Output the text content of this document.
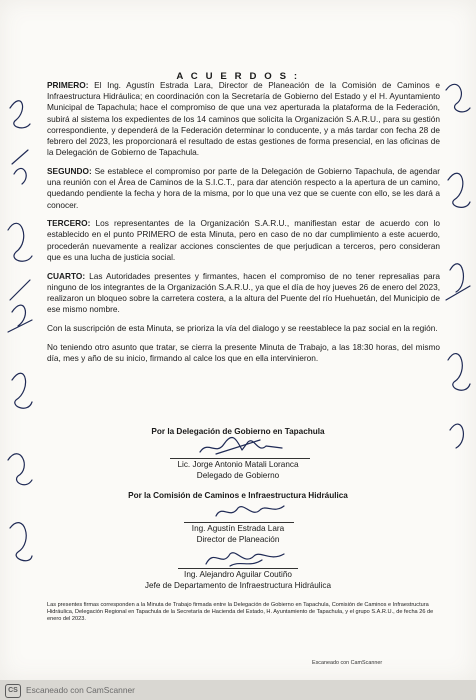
A C U E R D O S :

PRIMERO: El Ing. Agustín Estrada Lara, Director de Planeación de la Comisión de Caminos e Infraestructura Hidráulica; en coordinación con la Secretaría de Gobierno del Estado y el H. Ayuntamiento Municipal de Tapachula; hace el compromiso de que una vez aperturada la plataforma de la Federación, subirá al sistema los expedientes de los 14 caminos que solicita la Organización S.A.R.U., para su gestión correspondiente, y dependerá de la Federación determinar lo conducente, y a más tardar con fecha 28 de febrero del 2023, les proporcionará el resultado de estas gestiones de forma presencial, en las oficinas de la Delegación de Gobierno de Tapachula.

SEGUNDO: Se establece el compromiso por parte de la Delegación de Gobierno Tapachula, de agendar una reunión con el Área de Caminos de la S.I.C.T., para dar atención respecto a la apertura de un camino, quedando pendiente la fecha y hora de la misma, por lo que una vez que se cuente con ello, se les dará a conocer.

TERCERO: Los representantes de la Organización S.A.R.U., manifiestan estar de acuerdo con lo establecido en el punto PRIMERO de esta Minuta, pero en caso de no dar cumplimiento a este acuerdo, procederán nuevamente a realizar acciones conscientes de que perjudican a terceros, pero consideran que es una lucha de justicia social.

CUARTO: Las Autoridades presentes y firmantes, hacen el compromiso de no tener represalias para ninguno de los integrantes de la Organización S.A.R.U., ya que el día de hoy jueves 26 de enero del 2023, realizaron un bloqueo sobre la carretera costera, a la altura del Puente del río Huehuetán, del Municipio de ese mismo nombre.

Con la suscripción de esta Minuta, se prioriza la vía del dialogo y se reestablece la paz social en la región.

No teniendo otro asunto que tratar, se cierra la presente Minuta de Trabajo, a las 18:30 horas, del mismo día, mes y año de su inicio, firmando al calce los que en ella intervinieron.

Por la Delegación de Gobierno en Tapachula
Lic. Jorge Antonio Matali Loranca
Delegado de Gobierno
Por la Comisión de Caminos e Infraestructura Hidráulica
Ing. Agustín Estrada Lara
Director de Planeación
Ing. Alejandro Aguilar Coutiño
Jefe de Departamento de Infraestructura Hidráulica
Las presentes firmas corresponden a la Minuta de Trabajo firmada entre la Delegación de Gobierno en Tapachula, Comisión de Caminos e Infraestructura Hidráulica, Delegación Regional en Tapachula de la Secretaría de Hacienda del Estado, H. Ayuntamiento de Tapachula, y el grupo S.A.R.U., de fecha 26 de enero del 2023.
Escaneado con CamScanner
CS Escaneado con CamScanner
